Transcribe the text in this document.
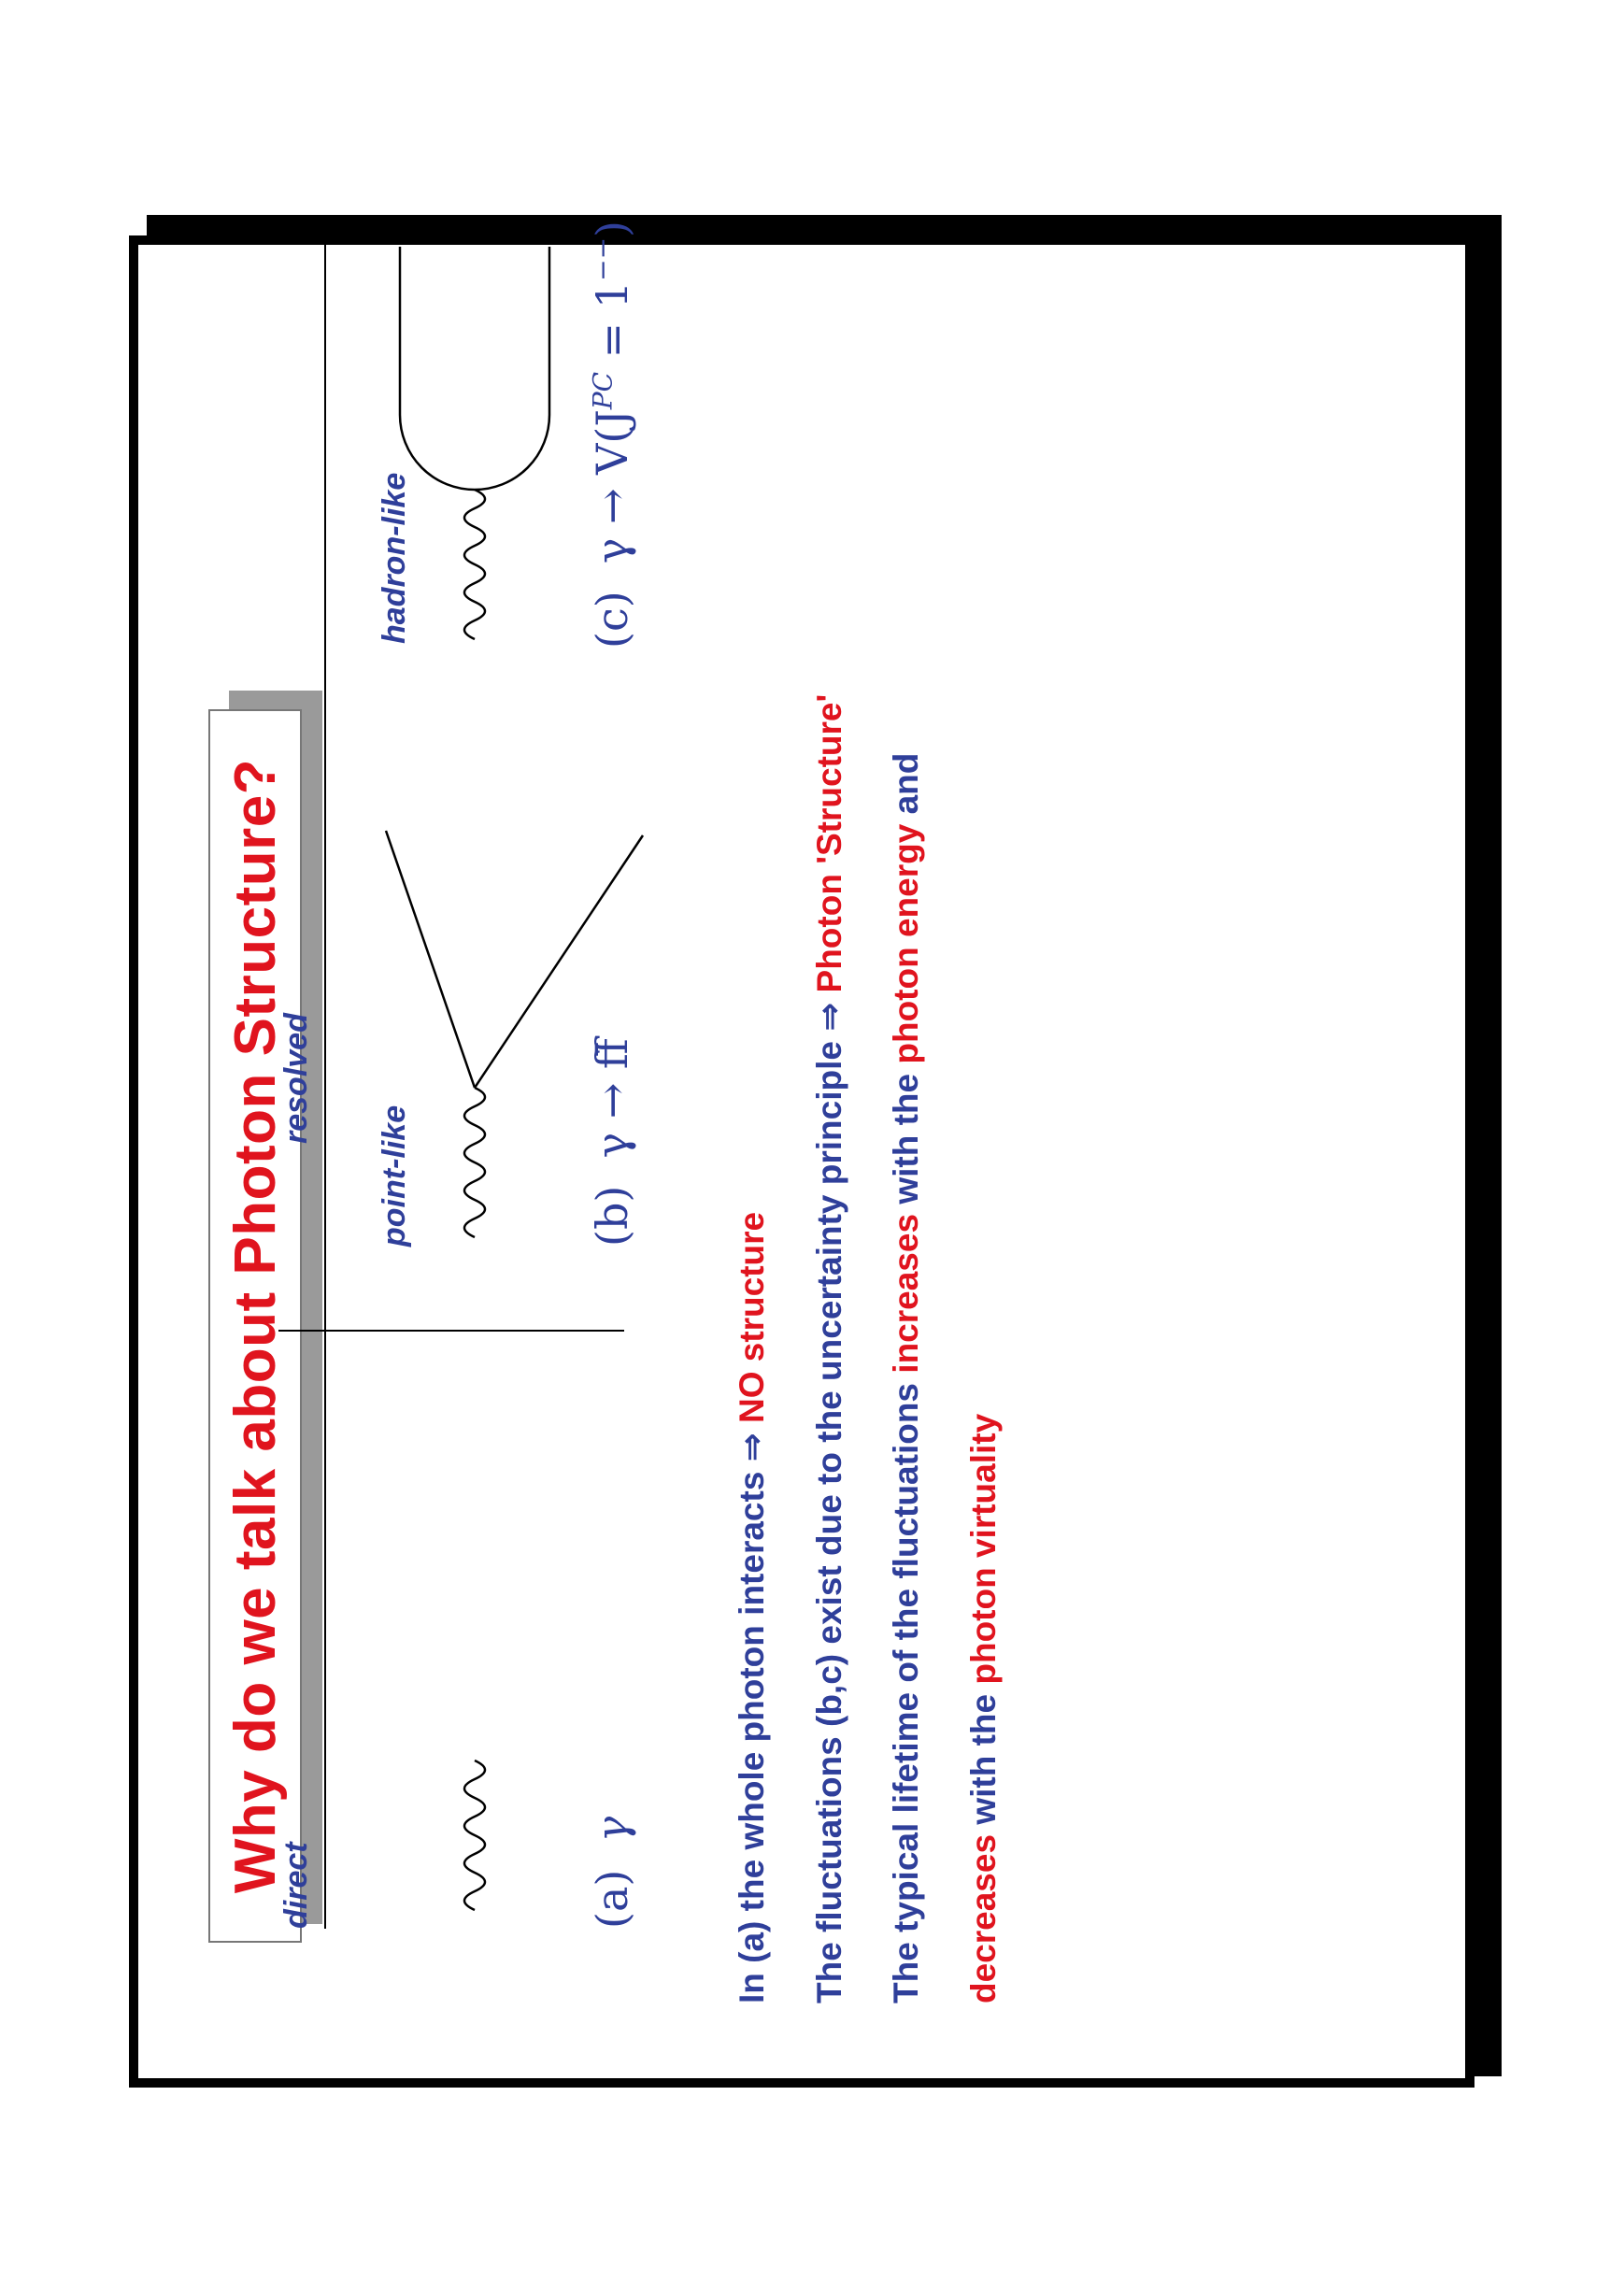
Why do we talk about Photon Structure?
direct
resolved
point-like
hadron-like
(a)  γ
(b)  γ → ff̄
(c)  $\gamma \to V(J^{PC} = 1^{--})$
In (a) the whole photon interacts ⇒ NO structure The fluctuations (b,c) exist due to the uncertainty principle ⇒ Photon 'Structure'
The typical lifetime of the fluctuations increases with the photon energy and
decreases with the photon virtuality
